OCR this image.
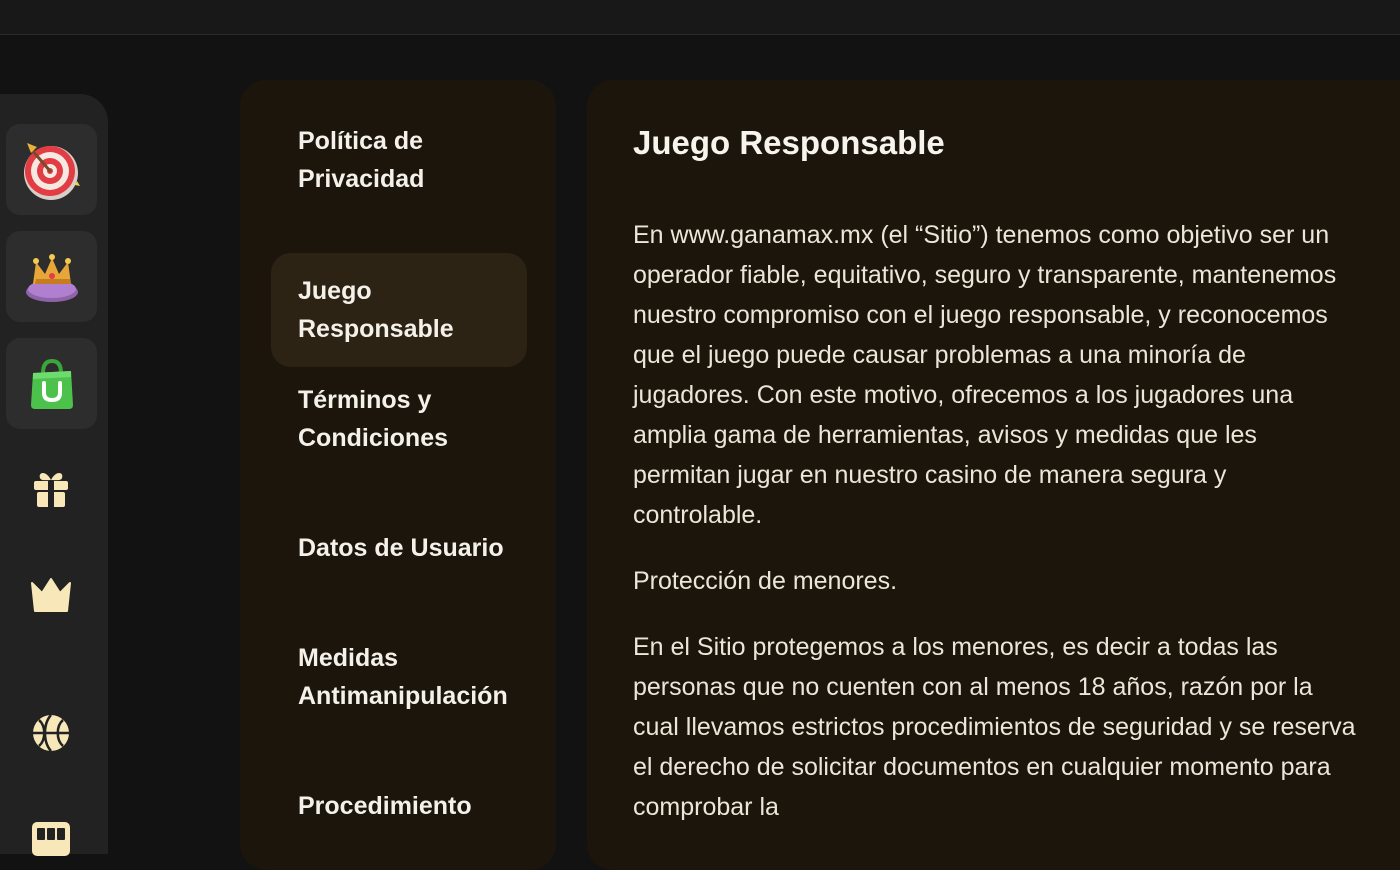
Política de Privacidad
Juego Responsable
Términos y Condiciones
Datos de Usuario
Medidas Antimanipulación
Procedimiento
Juego Responsable

En www.ganamax.mx (el “Sitio”) tenemos como objetivo ser un operador fiable, equitativo, seguro y transparente, mantenemos nuestro compromiso con el juego responsable, y reconocemos que el juego puede causar problemas a una minoría de jugadores. Con este motivo, ofrecemos a los jugadores una amplia gama de herramientas, avisos y medidas que les permitan jugar en nuestro casino de manera segura y controlable.

Protección de menores.

En el Sitio protegemos a los menores, es decir a todas las personas que no cuenten con al menos 18 años, razón por la cual llevamos estrictos procedimientos de seguridad y se reserva el derecho de solicitar documentos en cualquier momento para comprobar la
